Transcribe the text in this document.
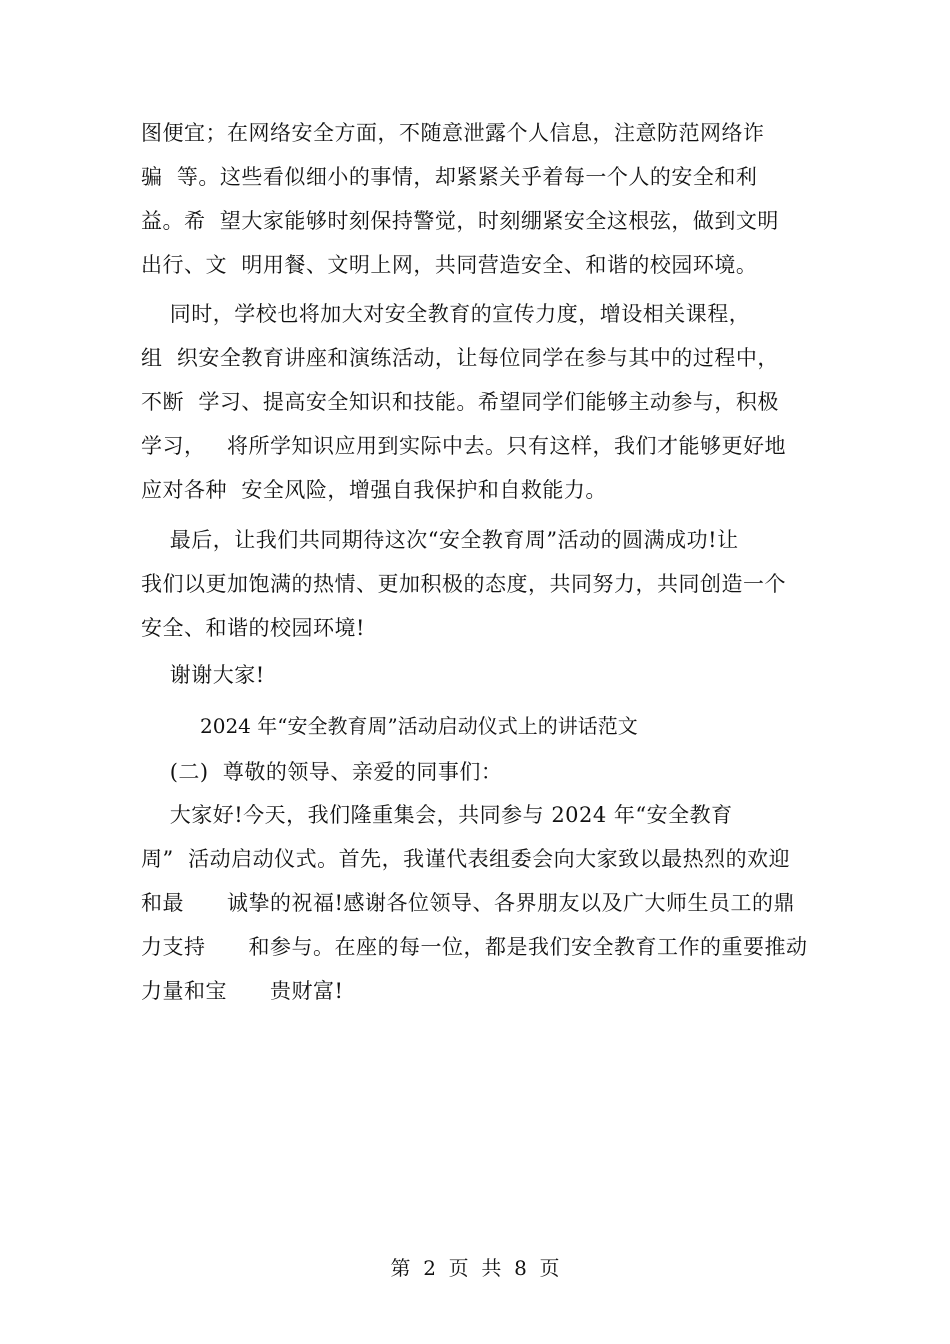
图便宜；在网络安全方面，不随意泄露个人信息，注意防范网络诈
骗  等。这些看似细小的事情，却紧紧关乎着每一个人的安全和利
益。希  望大家能够时刻保持警觉，时刻绷紧安全这根弦，做到文明
出行、文  明用餐、文明上网，共同营造安全、和谐的校园环境。
同时，学校也将加大对安全教育的宣传力度，增设相关课程，
组  织安全教育讲座和演练活动，让每位同学在参与其中的过程中，
不断  学习、提高安全知识和技能。希望同学们能够主动参与，积极
学习，   将所学知识应用到实际中去。只有这样，我们才能够更好地
应对各种  安全风险，增强自我保护和自救能力。
最后，让我们共同期待这次“安全教育周”活动的圆满成功!让
我们以更加饱满的热情、更加积极的态度，共同努力，共同创造一个
安全、和谐的校园环境!
谢谢大家!
2024 年“安全教育周”活动启动仪式上的讲话范文
(二)  尊敬的领导、亲爱的同事们：
大家好!今天，我们隆重集会，共同参与 2024 年“安全教育
周”  活动启动仪式。首先，我谨代表组委会向大家致以最热烈的欢迎
和最      诚挚的祝福!感谢各位领导、各界朋友以及广大师生员工的鼎
力支持      和参与。在座的每一位，都是我们安全教育工作的重要推动
力量和宝      贵财富!
第  2  页  共  8  页
